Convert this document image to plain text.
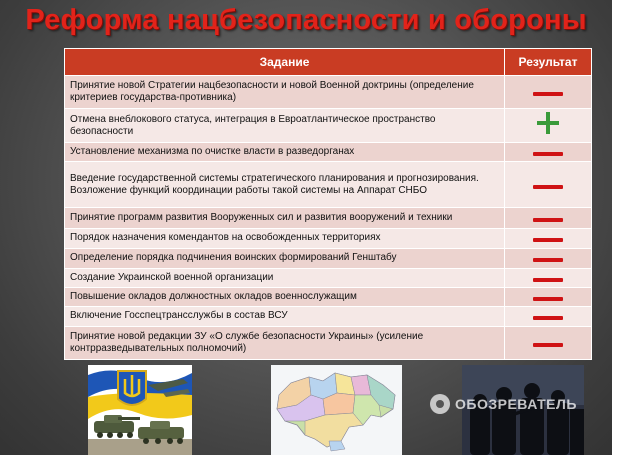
Реформа нацбезопасности и обороны
Задание	Результат
Принятие новой Стратегии нацбезопасности и новой Военной доктрины (определение критериев государства-противника)	
Отмена внеблокового статуса, интеграция в Евроатлантическое пространство безопасности	
Установление механизма по очистке власти в разведорганах	
Введение государственной системы стратегического планирования и прогнозирования. Возложение функций координации работы такой системы на Аппарат СНБО	
Принятие программ развития Вооруженных сил и развития вооружений и техники	
Порядок назначения комендантов на освобожденных территориях	
Определение порядка подчинения воинских формирований Генштабу	
Создание Украинской военной организации	
Повышение окладов должностных окладов военнослужащим	
Включение Госспецтрансслужбы в состав ВСУ	
Принятие новой редакции ЗУ «О службе безопасности Украины» (усиление контрразведывательных полномочий)	
ОБОЗРЕВАТЕЛЬ
